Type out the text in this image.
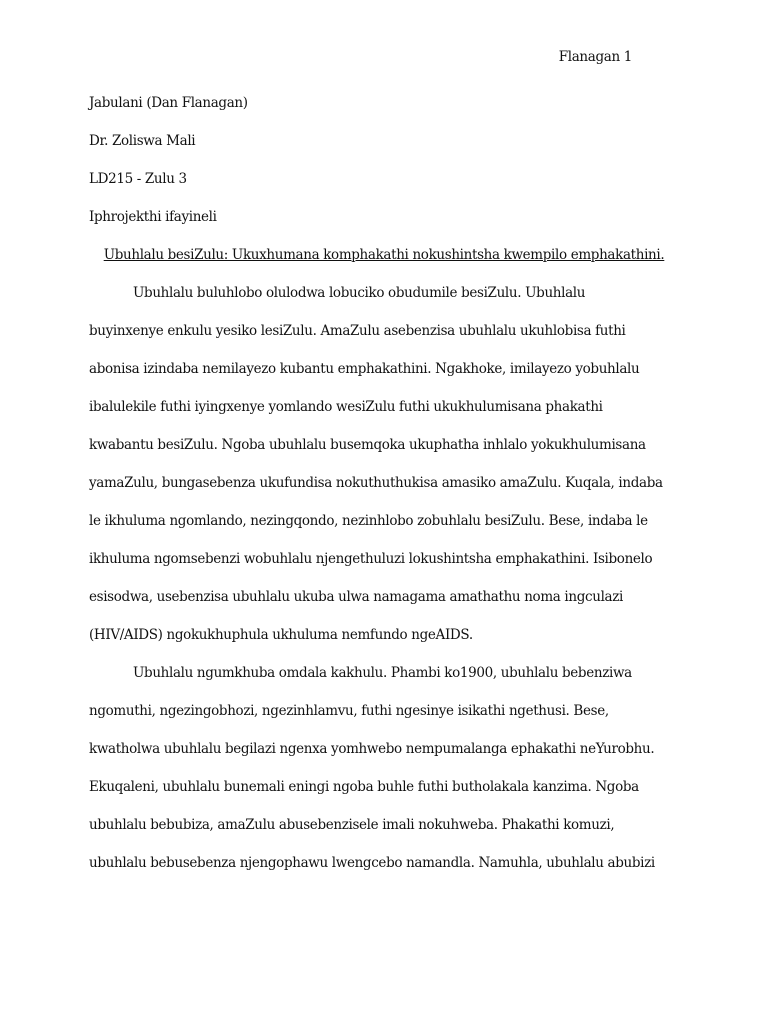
Flanagan 1
Jabulani (Dan Flanagan)
Dr. Zoliswa Mali
LD215 - Zulu 3
Iphrojekthi ifayineli
Ubuhlalu besiZulu: Ukuxhumana komphakathi nokushintsha kwempilo emphakathini.
Ubuhlalu buluhlobo olulodwa lobuciko obudumile besiZulu. Ubuhlalu
buyinxenye enkulu yesiko lesiZulu. AmaZulu asebenzisa ubuhlalu ukuhlobisa futhi
abonisa izindaba nemilayezo kubantu emphakathini. Ngakhoke, imilayezo yobuhlalu
ibalulekile futhi iyingxenye yomlando wesiZulu futhi ukukhulumisana phakathi
kwabantu besiZulu. Ngoba ubuhlalu busemqoka ukuphatha inhlalo yokukhulumisana
yamaZulu, bungasebenza ukufundisa nokuthuthukisa amasiko amaZulu. Kuqala, indaba
le ikhuluma ngomlando, nezingqondo, nezinhlobo zobuhlalu besiZulu. Bese, indaba le
ikhuluma ngomsebenzi wobuhlalu njengethuluzi lokushintsha emphakathini. Isibonelo
esisodwa, usebenzisa ubuhlalu ukuba ulwa namagama amathathu noma ingculazi
(HIV/AIDS) ngokukhuphula ukhuluma nemfundo ngeAIDS.
Ubuhlalu ngumkhuba omdala kakhulu. Phambi ko1900, ubuhlalu bebenziwa
ngomuthi, ngezingobhozi, ngezinhlamvu, futhi ngesinye isikathi ngethusi. Bese,
kwatholwa ubuhlalu begilazi ngenxa yomhwebo nempumalanga ephakathi neYurobhu.
Ekuqaleni, ubuhlalu bunemali eningi ngoba buhle futhi butholakala kanzima. Ngoba
ubuhlalu bebubiza, amaZulu abusebenzisele imali nokuhweba. Phakathi komuzi,
ubuhlalu bebusebenza njengophawu lwengcebo namandla. Namuhla, ubuhlalu abubizi
